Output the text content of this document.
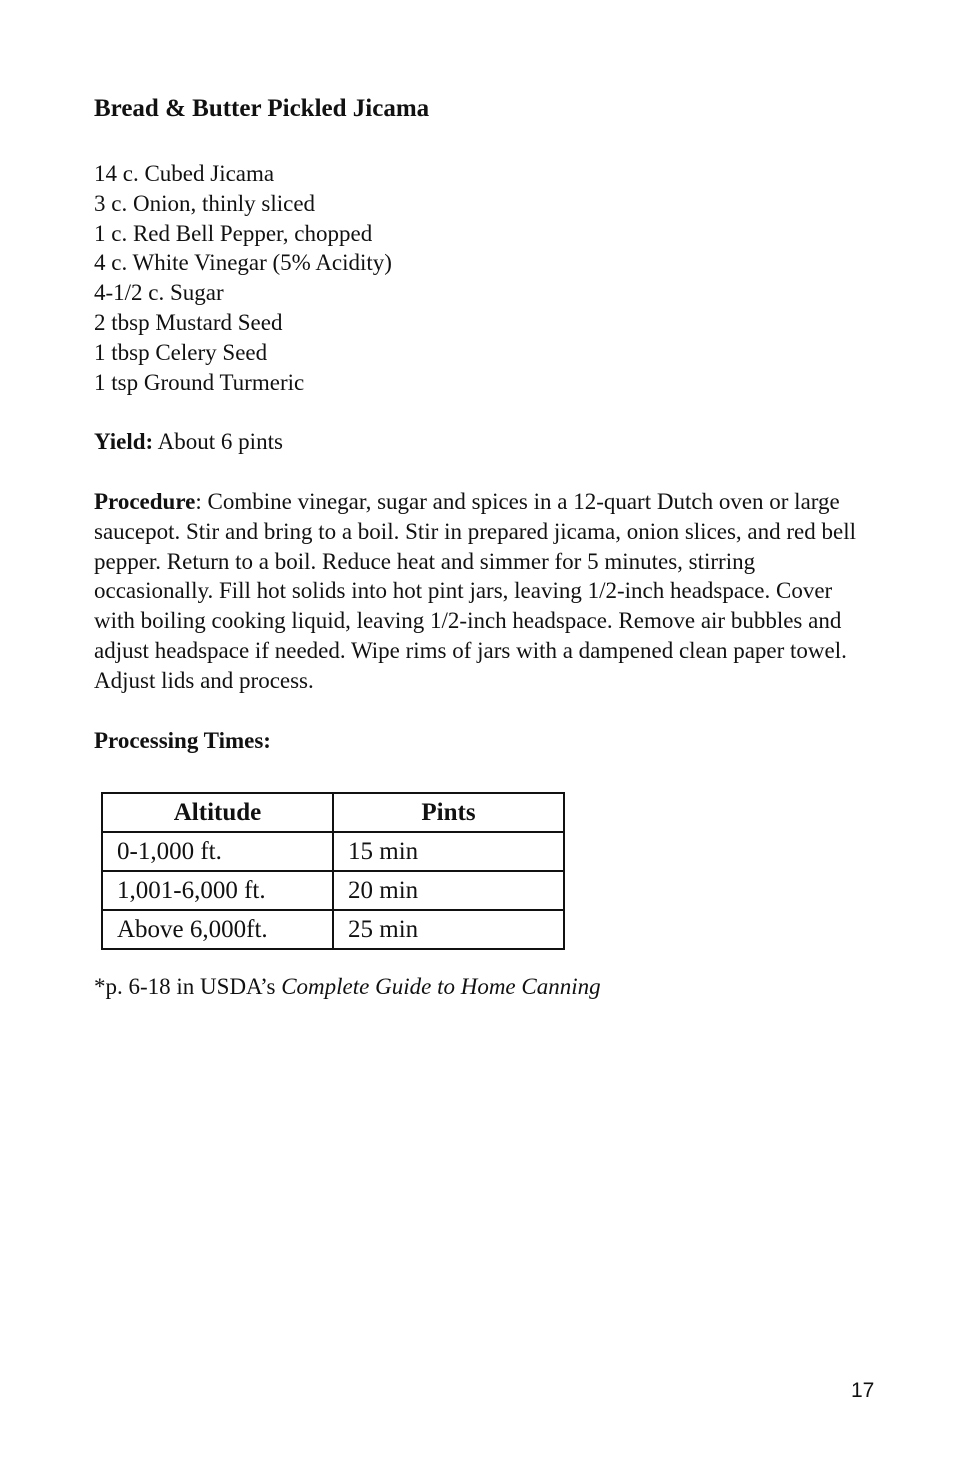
Bread & Butter Pickled Jicama
14 c. Cubed Jicama
3 c. Onion, thinly sliced
1 c. Red Bell Pepper, chopped
4 c. White Vinegar (5% Acidity)
4-1/2 c. Sugar
2 tbsp Mustard Seed
1 tbsp Celery Seed
1 tsp Ground Turmeric

Yield: About 6 pints

Procedure: Combine vinegar, sugar and spices in a 12-quart Dutch oven or large saucepot. Stir and bring to a boil. Stir in prepared jicama, onion slices, and red bell pepper. Return to a boil. Reduce heat and simmer for 5 minutes, stirring occasionally. Fill hot solids into hot pint jars, leaving 1/2-inch headspace. Cover with boiling cooking liquid, leaving 1/2-inch headspace. Remove air bubbles and adjust headspace if needed. Wipe rims of jars with a dampened clean paper towel. Adjust lids and process.

Processing Times:

Altitude	Pints
0-1,000 ft.	15 min
1,001-6,000 ft.	20 min
Above 6,000ft.	25 min

*p. 6-18 in USDA’s Complete Guide to Home Canning

17
